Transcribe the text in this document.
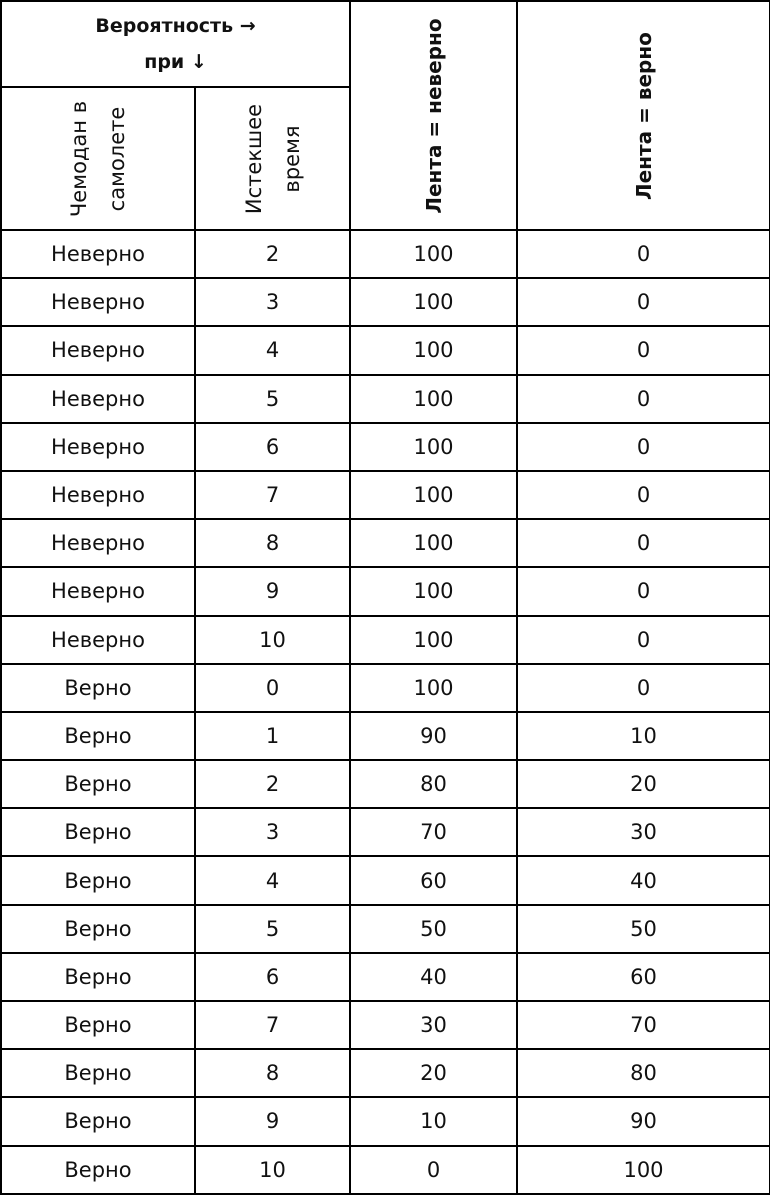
Вероятность →
при ↓		Лента = неверно	Лента = верно

Чемодан в самолете	Истекшее время		

Неверно	2	100	0
Неверно	3	100	0
Неверно	4	100	0
Неверно	5	100	0
Неверно	6	100	0
Неверно	7	100	0
Неверно	8	100	0
Неверно	9	100	0
Неверно	10	100	0
Верно	0	100	0
Верно	1	90	10
Верно	2	80	20
Верно	3	70	30
Верно	4	60	40
Верно	5	50	50
Верно	6	40	60
Верно	7	30	70
Верно	8	20	80
Верно	9	10	90
Верно	10	0	100
